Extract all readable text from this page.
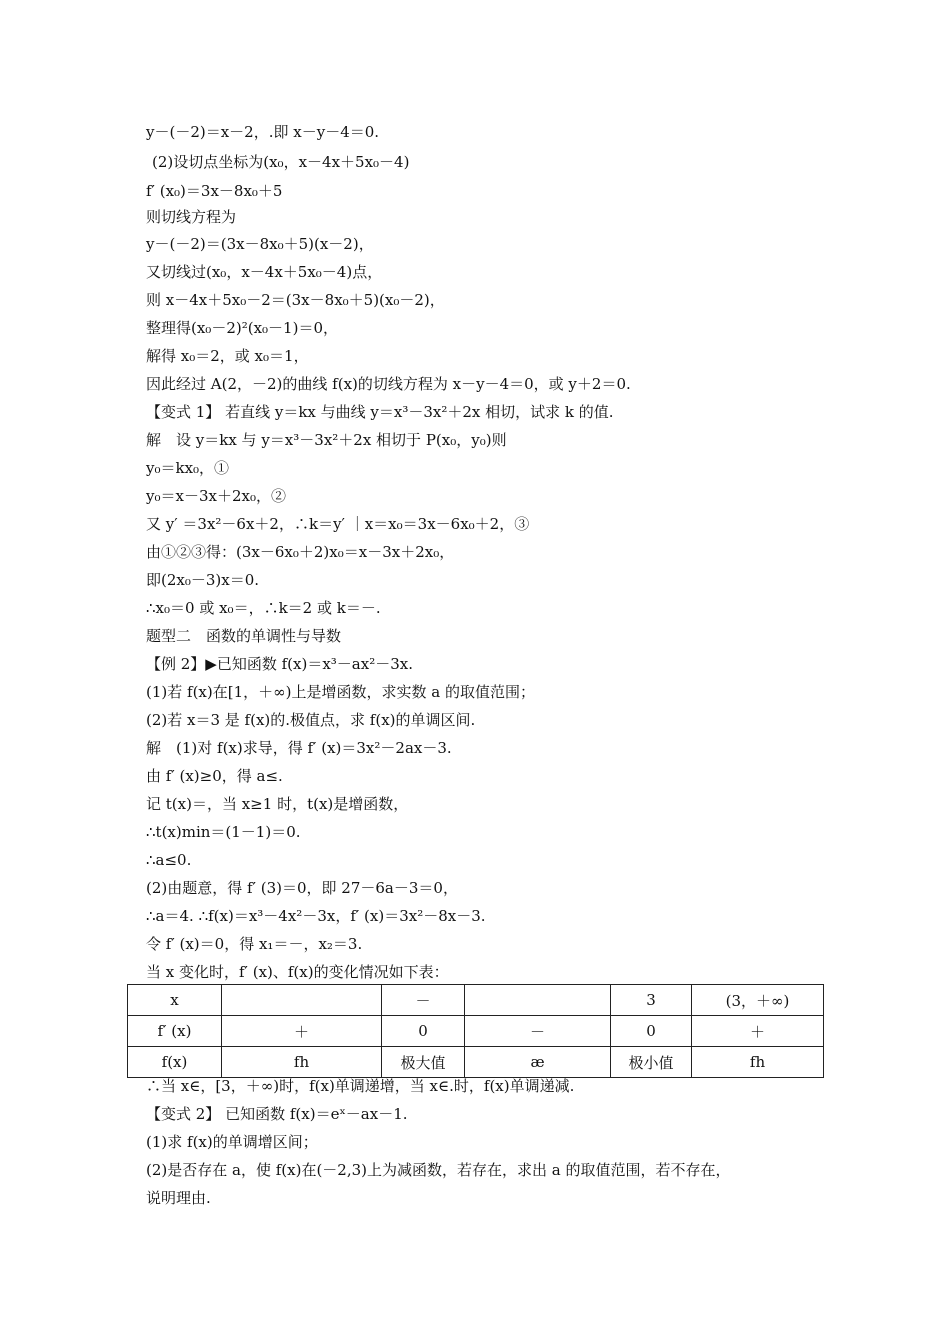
y－(－2)＝x－2，.即 x－y－4＝0.
(2)设切点坐标为(x₀，x－4x＋5x₀－4)
f′ (x₀)＝3x－8x₀＋5
则切线方程为
y－(－2)＝(3x－8x₀＋5)(x－2)，
又切线过(x₀，x－4x＋5x₀－4)点，
则 x－4x＋5x₀－2＝(3x－8x₀＋5)(x₀－2)，
整理得(x₀－2)²(x₀－1)＝0，
解得 x₀＝2，或 x₀＝1，
因此经过 A(2，－2)的曲线 f(x)的切线方程为 x－y－4＝0，或 y＋2＝0.
【变式 1】 若直线 y＝kx 与曲线 y＝x³－3x²＋2x 相切，试求 k 的值.
解　设 y＝kx 与 y＝x³－3x²＋2x 相切于 P(x₀，y₀)则
y₀＝kx₀，①
y₀＝x－3x＋2x₀，②
又 y′ ＝3x²－6x＋2，∴k＝y′ ｜x＝x₀＝3x－6x₀＋2，③
由①②③得：(3x－6x₀＋2)x₀＝x－3x＋2x₀，
即(2x₀－3)x＝0.
∴x₀＝0 或 x₀＝，∴k＝2 或 k＝－.
题型二　函数的单调性与导数
【例 2】▶已知函数 f(x)＝x³－ax²－3x.
(1)若 f(x)在[1，＋∞)上是增函数，求实数 a 的取值范围；
(2)若 x＝3 是 f(x)的.极值点，求 f(x)的单调区间.
解　(1)对 f(x)求导，得 f′ (x)＝3x²－2ax－3.
由 f′ (x)≥0，得 a≤.
记 t(x)＝，当 x≥1 时，t(x)是增函数，
∴t(x)min＝(1－1)＝0.
∴a≤0.
(2)由题意，得 f′ (3)＝0，即 27－6a－3＝0，
∴a＝4. ∴f(x)＝x³－4x²－3x，f′ (x)＝3x²－8x－3.
令 f′ (x)＝0，得 x₁＝－，x₂＝3.
当 x 变化时，f′ (x)、f(x)的变化情况如下表：
x		－		3	(3，＋∞)
f′ (x)	＋	0	－	0	＋
f(x)	fh	极大值	æ	极小值	fh
∴当 x∈，[3，＋∞)时，f(x)单调递增，当 x∈.时，f(x)单调递减.
【变式 2】 已知函数 f(x)＝eˣ－ax－1.
(1)求 f(x)的单调增区间；
(2)是否存在 a，使 f(x)在(－2,3)上为减函数，若存在，求出 a 的取值范围，若不存在，
说明理由.
